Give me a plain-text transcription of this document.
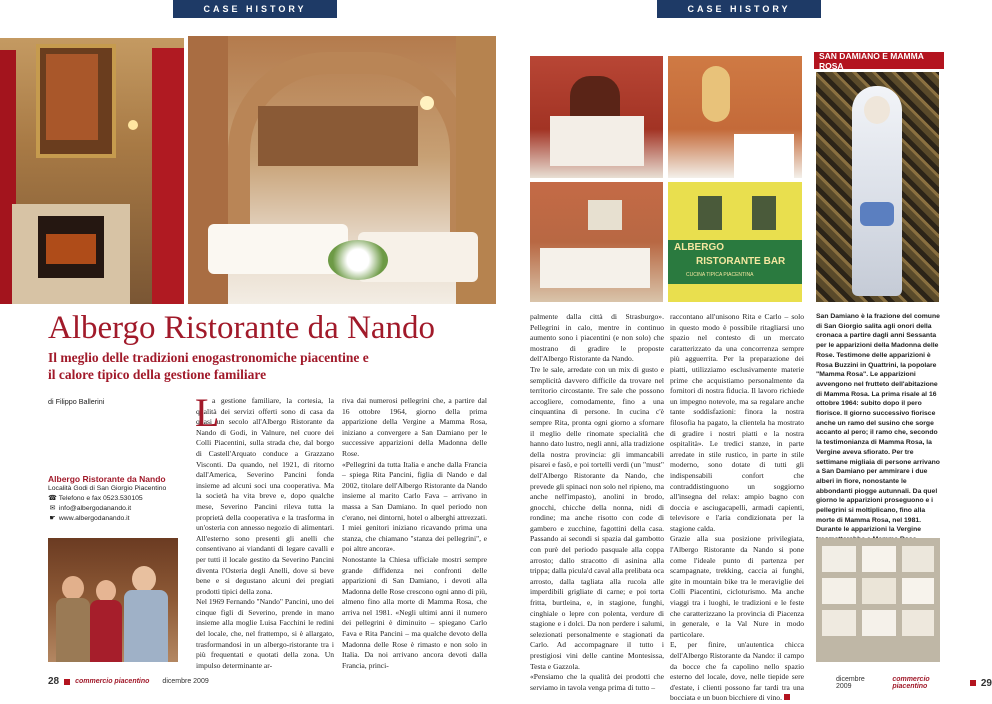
CASE HISTORY	CASE HISTORY
Albergo Ristorante da Nando
Il meglio delle tradizioni enogastronomiche piacentine e il calore tipico della gestione familiare
di Filippo Ballerini
Albergo Ristorante da Nando
Località Godi di San Giorgio Piacentino
☎ Telefono e fax 0523.530105
✉ info@albergodanando.it
☛ www.albergodanando.it

L
a gestione familiare, la cortesia, la qualità dei servizi offerti sono di casa da quasi un secolo all'Albergo Ristorante da Nando di Godi, in Valnure, nel cuore dei Colli Piacentini, sulla strada che, dal borgo di Castell'Arquato conduce a Grazzano Visconti. Da quando, nel 1921, di ritorno dall'America, Severino Pancini fonda insieme ad alcuni soci una cooperativa. Ma la società ha vita breve e, dopo qualche mese, Severino Pancini rileva tutta la proprietà della cooperativa e la trasforma in un'osteria con annesso negozio di alimentari. All'esterno sono presenti gli anelli che consentivano ai viandanti di legare cavalli e per tutti il locale gestito da Severino Pancini diventa l'Osteria degli Anelli, dove si beve bene e si degustano alcuni dei pregiati prodotti tipici della zona.

Nel 1969 Fernando "Nando" Pancini, uno dei cinque figli di Severino, prende in mano insieme alla moglie Luisa Facchini le redini del locale, che, nel frattempo, si è allargato, trasformandosi in un albergo-ristorante tra i più frequentati e quotati della zona. Un impulso determinante ar-

riva dai numerosi pellegrini che, a partire dal 16 ottobre 1964, giorno della prima apparizione della Vergine a Mamma Rosa, iniziano a convergere a San Damiano per le successive apparizioni della Madonna delle Rose.

«Pellegrini da tutta Italia e anche dalla Francia – spiega Rita Pancini, figlia di Nando e dal 2002, titolare dell'Albergo Ristorante da Nando insieme al marito Carlo Fava – arrivano in massa a San Damiano. In quel periodo non c'erano, nei dintorni, hotel o alberghi attrezzati. I miei genitori iniziano ricavando prima una stanza, che chiamano "stanza dei pellegrini", e poi altre ancora».

Nonostante la Chiesa ufficiale mostri sempre grande diffidenza nei confronti delle apparizioni di San Damiano, i devoti alla Madonna delle Rose crescono ogni anno di più, almeno fino alla morte di Mamma Rosa, che arriva nel 1981. «Negli ultimi anni il numero dei pellegrini è diminuito – spiegano Carlo Fava e Rita Pancini – ma qualche devoto della Madonna delle Rose è rimasto e non solo in Italia. Da noi arrivano ancora devoti dalla Francia, princi-

ALBERGO
RISTORANTE BAR
CUCINA TIPICA PIACENTINA

palmente dalla città di Strasburgo». Pellegrini in calo, mentre in continuo aumento sono i piacentini (e non solo) che mostrano di gradire le proposte dell'Albergo Ristorante da Nando.

Tre le sale, arredate con un mix di gusto e semplicità davvero difficile da trovare nel territorio circostante. Tre sale che possono accogliere, comodamente, fino a una cinquantina di persone. In cucina c'è sempre Rita, pronta ogni giorno a sfornare il meglio delle rinomate specialità che hanno dato lustro, negli anni, alla tradizione della nostra provincia: gli immancabili pisarei e fasö, e poi tortelli verdi (un "must" dell'Albergo Ristorante da Nando, che prevede gli spinaci non solo nel ripieno, ma anche nell'impasto), anolini in brodo, gnocchi, chicche della nonna, nidi di rondine; ma anche risotto con code di gambero e zucchine, fagottini della casa. Passando ai secondi si spazia dal gambotto con purè del periodo pasquale alla coppa arrosto; dallo stracotto di asinina alla trippa; dalla picula'd caval alla prelibata oca arrosto, dalla tagliata alla rucola alle imperdibili grigliate di carne; e poi torta fritta, burtleina, e, in stagione, funghi, cinghiale o lepre con polenta, verdure di stagione e i dolci. Da non perdere i salumi, selezionati personalmente e stagionati da Carlo. Ad accompagnare il tutto i prestigiosi vini delle cantine Montesissa, Testa e Gazzola.

«Pensiamo che la qualità dei prodotti che serviamo in tavola venga prima di tutto –

raccontano all'unisono Rita e Carlo – solo in questo modo è possibile ritagliarsi uno spazio nel contesto di un mercato caratterizzato da una concorrenza sempre più agguerrita. Per la preparazione dei piatti, utilizziamo esclusivamente materie prime che acquistiamo personalmente da fornitori di nostra fiducia. Il lavoro richiede un impegno notevole, ma sa regalare anche tante soddisfazioni: finora la nostra filosofia ha pagato, la clientela ha mostrato di gradire i nostri piatti e la nostra ospitalità». Le tredici stanze, in parte arredate in stile rustico, in parte in stile moderno, sono dotate di tutti gli indispensabili confort che contraddistinguono un soggiorno all'insegna del relax: ampio bagno con doccia e asciugacapelli, armadi capienti, televisore e l'aria condizionata per la stagione calda.

Grazie alla sua posizione privilegiata, l'Albergo Ristorante da Nando si pone come l'ideale punto di partenza per scampagnate, trekking, caccia ai funghi, gite in mountain bike tra le meraviglie dei Colli Piacentini, cicloturismo. Ma anche viaggi tra i luoghi, le tradizioni e le feste che caratterizzano la provincia di Piacenza in generale, e la Val Nure in modo particolare.

E, per finire, un'autentica chicca dell'Albergo Ristorante da Nando: il campo da bocce che fa capolino nello spazio esterno del locale, dove, nelle tiepide sere d'estate, i clienti possono far tardi tra una bocciata e un buon bicchiere di vino.

SAN DAMIANO E MAMMA ROSA

San Damiano è la frazione del comune di San Giorgio salita agli onori della cronaca a partire dagli anni Sessanta per le apparizioni della Madonna delle Rose. Testimone delle apparizioni è Rosa Buzzini in Quattrini, la popolare "Mamma Rosa". Le apparizioni avvengono nel frutteto dell'abitazione di Mamma Rosa. La prima risale al 16 ottobre 1964: subito dopo il pero fiorisce. Il giorno successivo fiorisce anche un ramo del susino che sorge accanto al pero; il ramo che, secondo la testimonianza di Mamma Rosa, la Vergine aveva sfiorato. Per tre settimane migliaia di persone arrivano a San Damiano per ammirare i due alberi in fiore, nonostante le abbondanti piogge autunnali. Da quel giorno le apparizioni proseguono e i pellegrini si moltiplicano, fino alla morte di Mamma Rosa, nel 1981. Durante le apparizioni la Vergine

28 commercio piacentino dicembre 2009	dicembre 2009
commercio piacentino	29
